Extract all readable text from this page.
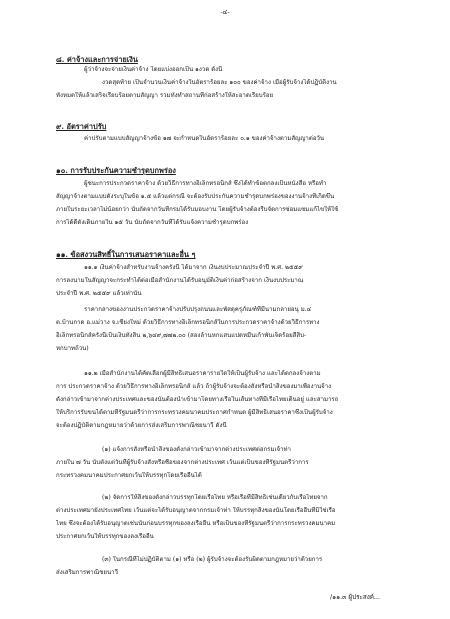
-๔-
๘. ค่าจ้างและการจ่ายเงิน
ผู้ว่าจ้างจะจ่ายเงินค่าจ้าง โดยแบ่งออกเป็น ๑งวด ดังนี้
งวดสุดท้าย เป็นจำนวนเงินค่าจ้างในอัตราร้อยละ ๑๐๐ ของค่าจ้าง เมื่อผู้รับจ้างได้ปฏิบัติงาน
ทั้งหมดให้แล้วเสร็จเรียบร้อยตามสัญญา รวมทั้งทำสถานที่ก่อสร้างให้สะอาดเรียบร้อย
๙. อัตราค่าปรับ
ค่าปรับตามแบบสัญญาจ้างข้อ ๑๗ จะกำหนดในอัตราร้อยละ ๐.๑ ของค่าจ้างตามสัญญาต่อวัน
๑๐. การรับประกันความชำรุดบกพร่อง
ผู้ชนะการประกวดราคาจ้าง ด้วยวิธีการทางอิเล็กทรอนิกส์ ซึ่งได้ทำข้อตกลงเป็นหนังสือ หรือทำ
สัญญาจ้างตามแบบดังระบุในข้อ ๑.๕ แล้วแต่กรณี จะต้องรับประกันความชำรุดบกพร่องของงานจ้างที่เกิดขึ้น
ภายในระยะเวลาไม่น้อยกว่า นับถัดจากวันที่กรมได้รับมอบงาน โดยผู้รับจ้างต้องรีบจัดการซ่อมแซมแก้ไขให้ใช้
การได้ดีดังเดิมภายใน ๑๕ วัน นับถัดจากวันที่ได้รับแจ้งความชำรุดบกพร่อง
๑๑. ข้อสงวนสิทธิ์ในการเสนอราคาและอื่น ๆ
๑๑.๑ เงินค่าจ้างสำหรับงานจ้างครั้งนี้ ได้มาจาก เงินงบประมาณประจำปี พ.ศ. ๒๕๕๙
การลงนามในสัญญาจะกระทำได้ต่อเมื่อสำนักงานได้รับอนุมัติเงินค่าก่อสร้างจาก เงินงบประมาณ
ประจำปี พ.ศ. ๒๕๕๙ แล้วเท่านั้น
ราคากลางของงานประกวดราคาจ้างปรับปรุงถนนและพัสดุครุภัณฑ์ที่มีนามกลายอนุ ม.๔
ต.บ้านกาด อ.แม่วาง จ.เชียงใหม่ ด้วยวิธีการทางอิเล็กทรอนิกส์ในการประกวดราคาจ้างด้วยวิธีการทาง
อิเล็กทรอนิกส์ครั้งนี้เป็นเงินทั้งสิ้น ๒,๖๔๙,๗๗๒.๐๐ (สองล้านหกแสนแปดหมื่นเก้าพันเจ็ดร้อยสี่สิบ-
หกบาทถ้วน)
๑๑.๒ เมื่อสำนักงานได้คัดเลือกผู้มีสิทธิเสนอราคารายใดให้เป็นผู้รับจ้าง และได้ตกลงจ้างตาม
การ ประกวดราคาจ้าง ด้วยวิธีการทางอิเล็กทรอนิกส์ แล้ว ถ้าผู้รับจ้างจะต้องสั่งหรือนำสิ่งของมาเพื่องานจ้าง
ดังกล่าวเข้ามาจากต่างประเทศและของนั้นต้องนำเข้ามาโดยทางเรือในเส้นทางที่มีเรือไทยเดินอยู่ และสามารถ
ให้บริการรับขนได้ตามที่รัฐมนตรีว่าการกระทรวงคมนาคมประกาศกำหนด ผู้มีสิทธิเสนอราคาซึ่งเป็นผู้รับจ้าง
จะต้องปฏิบัติตามกฎหมายว่าด้วยการส่งเสริมการพาณิชยนาวี ดังนี้
(๑) แจ้งการสั่งหรือนำสิ่งของดังกล่าวเข้ามาจากต่างประเทศต่อกรมเจ้าท่า
ภายใน ๗ วัน นับตั้งแต่วันที่ผู้รับจ้างสั่งหรือซื้อของจากต่างประเทศ เว้นแต่เป็นของที่รัฐมนตรีว่าการ
กระทรวงคมนาคมประกาศยกเว้นให้บรรทุกโดยเรืออื่นได้
(๒) จัดการให้สิ่งของดังกล่าวบรรทุกโดยเรือไทย หรือเรือที่มีสิทธิเช่นเดียวกับเรือไทยจาก
ต่างประเทศมายังประเทศไทย เว้นแต่จะได้รับอนุญาตจากกรมเจ้าท่า ให้บรรทุกสิ่งของนั้นโดยเรืออื่นที่มิใช่เรือ
ไทย ซึ่งจะต้องได้รับอนุญาตเช่นนั้นก่อนบรรทุกของลงเรืออื่น หรือเป็นของที่รัฐมนตรีว่าการกระทรวงคมนาคม
ประกาศยกเว้นให้บรรทุกของลงเรืออื่น
(๓) ในกรณีที่ไม่ปฏิบัติตาม (๑) หรือ (๒) ผู้รับจ้างจะต้องรับผิดตามกฎหมายว่าด้วยการ
ส่งเสริมการพาณิชยนาวี
/๑๑.๓ ผู้ประสงค์...
